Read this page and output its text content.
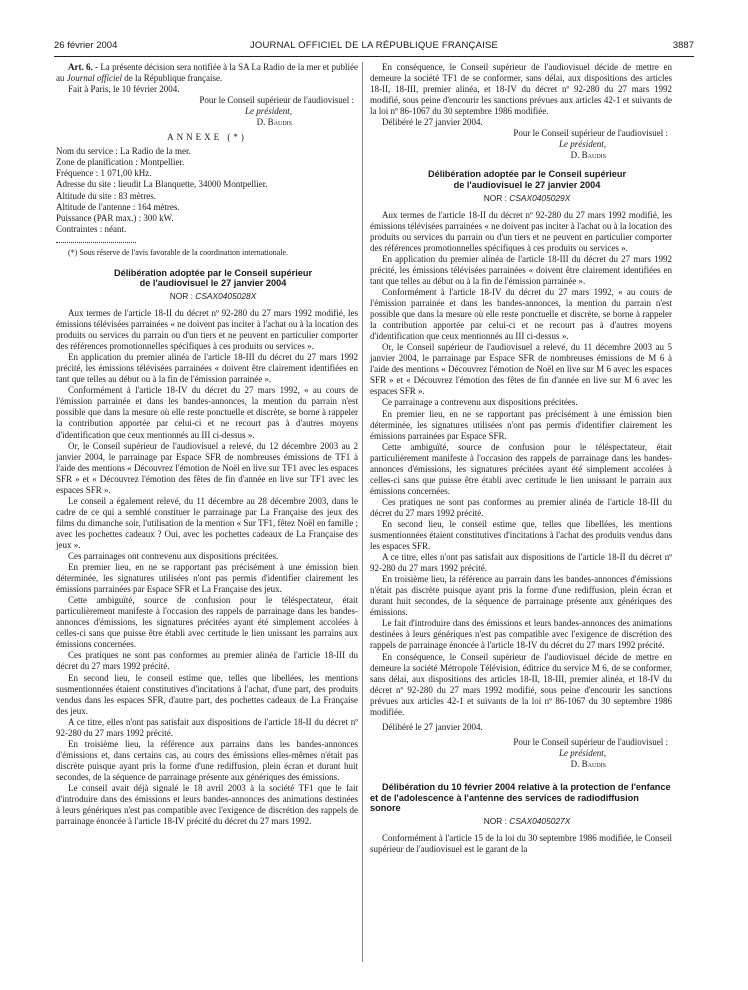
26 février 2004	JOURNAL OFFICIEL DE LA RÉPUBLIQUE FRANÇAISE	3887

Art. 6. - La présente décision sera notifiée à la SA La Radio de la mer et publiée au Journal officiel de la République française.

Fait à Paris, le 10 février 2004.

Pour le Conseil supérieur de l'audiovisuel :

Le président,

D. Baudis

ANNEXE (*)

Nom du service : La Radio de la mer.

Zone de planification : Montpellier.

Fréquence : 1 071,00 kHz.

Adresse du site : lieudit La Blanquette, 34000 Montpellier.

Altitude du site : 83 mètres.

Altitude de l'antenne : 164 mètres.

Puissance (PAR max.) : 300 kW.

Contraintes : néant.

(*) Sous réserve de l'avis favorable de la coordination internationale.

Délibération adoptée par le Conseil supérieur

de l'audiovisuel le 27 janvier 2004

NOR : CSAX0405028X

Aux termes de l'article 18-II du décret nº 92-280 du 27 mars 1992 modifié, les émissions télévisées parrainées « ne doivent pas inciter à l'achat ou à la location des produits ou services du parrain ou d'un tiers et ne peuvent en particulier comporter des références promotionnelles spécifiques à ces produits ou services ».

En application du premier alinéa de l'article 18-III du décret du 27 mars 1992 précité, les émissions télévisées parrainées « doivent être clairement identifiées en tant que telles au début ou à la fin de l'émission parrainée ».

Conformément à l'article 18-IV du décret du 27 mars 1992, « au cours de l'émission parrainée et dans les bandes-annonces, la mention du parrain n'est possible que dans la mesure où elle reste ponctuelle et discrète, se borne à rappeler la contribution apportée par celui-ci et ne recourt pas à d'autres moyens d'identification que ceux mentionnés au III ci-dessus ».

Or, le Conseil supérieur de l'audiovisuel a relevé, du 12 décembre 2003 au 2 janvier 2004, le parrainage par Espace SFR de nombreuses émissions de TF1 à l'aide des mentions « Découvrez l'émotion de Noël en live sur TF1 avec les espaces SFR » et « Découvrez l'émotion des fêtes de fin d'année en live sur TF1 avec les espaces SFR ».

Le conseil a également relevé, du 11 décembre au 28 décembre 2003, dans le cadre de ce qui a semblé constituer le parrainage par La Française des jeux des films du dimanche soir, l'utilisation de la mention « Sur TF1, fêtez Noël en famille ; avec les pochettes cadeaux ? Oui, avec les pochettes cadeaux de La Française des jeux ».

Ces parrainages ont contrevenu aux dispositions précitées.

En premier lieu, en ne se rapportant pas précisément à une émission bien déterminée, les signatures utilisées n'ont pas permis d'identifier clairement les émissions parrainées par Espace SFR et La Française des jeux.

Cette ambiguïté, source de confusion pour le téléspectateur, était particulièrement manifeste à l'occasion des rappels de parrainage dans les bandes-annonces d'émissions, les signatures précitées ayant été simplement accolées à celles-ci sans que puisse être établi avec certitude le lien unissant les parrains aux émissions concernées.

Ces pratiques ne sont pas conformes au premier alinéa de l'article 18-III du décret du 27 mars 1992 précité.

En second lieu, le conseil estime que, telles que libellées, les mentions susmentionnées étaient constitutives d'incitations à l'achat, d'une part, des produits vendus dans les espaces SFR, d'autre part, des pochettes cadeaux de La Française des jeux.

A ce titre, elles n'ont pas satisfait aux dispositions de l'article 18-II du décret nº 92-280 du 27 mars 1992 précité.

En troisième lieu, la référence aux parrains dans les bandes-annonces d'émissions et, dans certains cas, au cours des émissions elles-mêmes n'était pas discrète puisque ayant pris la forme d'une rediffusion, plein écran et durant huit secondes, de la séquence de parrainage présente aux génériques des émissions.

Le conseil avait déjà signalé le 18 avril 2003 à la société TF1 que le fait d'introduire dans des émissions et leurs bandes-annonces des animations destinées à leurs génériques n'est pas compatible avec l'exigence de discrétion des rappels de parrainage énoncée à l'article 18-IV précité du décret du 27 mars 1992.

En conséquence, le Conseil supérieur de l'audiovisuel décide de mettre en demeure la société TF1 de se conformer, sans délai, aux dispositions des articles 18-II, 18-III, premier alinéa, et 18-IV du décret nº 92-280 du 27 mars 1992 modifié, sous peine d'encourir les sanctions prévues aux articles 42-1 et suivants de la loi nº 86-1067 du 30 septembre 1986 modifiée.

Délibéré le 27 janvier 2004.

Pour le Conseil supérieur de l'audiovisuel :

Le président,

D. Baudis

Délibération adoptée par le Conseil supérieur

de l'audiovisuel le 27 janvier 2004

NOR : CSAX0405029X

Aux termes de l'article 18-II du décret nº 92-280 du 27 mars 1992 modifié, les émissions télévisées parrainées « ne doivent pas inciter à l'achat ou à la location des produits ou services du parrain ou d'un tiers et ne peuvent en particulier comporter des références promotionnelles spécifiques à ces produits ou services ».

En application du premier alinéa de l'article 18-III du décret du 27 mars 1992 précité, les émissions télévisées parrainées « doivent être clairement identifiées en tant que telles au début ou à la fin de l'émission parrainée ».

Conformément à l'article 18-IV du décret du 27 mars 1992, « au cours de l'émission parrainée et dans les bandes-annonces, la mention du parrain n'est possible que dans la mesure où elle reste ponctuelle et discrète, se borne à rappeler la contribution apportée par celui-ci et ne recourt pas à d'autres moyens d'identification que ceux mentionnés au III ci-dessus ».

Or, le Conseil supérieur de l'audiovisuel a relevé, du 11 décembre 2003 au 5 janvier 2004, le parrainage par Espace SFR de nombreuses émissions de M 6 à l'aide des mentions « Découvrez l'émotion de Noël en live sur M 6 avec les espaces SFR » et « Découvrez l'émotion des fêtes de fin d'année en live sur M 6 avec les espaces SFR ».

Ce parrainage a contrevenu aux dispositions précitées.

En premier lieu, en ne se rapportant pas précisément à une émission bien déterminée, les signatures utilisées n'ont pas permis d'identifier clairement les émissions parrainées par Espace SFR.

Cette ambiguïté, source de confusion pour le téléspectateur, était particulièrement manifeste à l'occasion des rappels de parrainage dans les bandes-annonces d'émissions, les signatures précitées ayant été simplement accolées à celles-ci sans que puisse être établi avec certitude le lien unissant le parrain aux émissions concernées.

Ces pratiques ne sont pas conformes au premier alinéa de l'article 18-III du décret du 27 mars 1992 précité.

En second lieu, le conseil estime que, telles que libellées, les mentions susmentionnées étaient constitutives d'incitations à l'achat des produits vendus dans les espaces SFR.

A ce titre, elles n'ont pas satisfait aux dispositions de l'article 18-II du décret nº 92-280 du 27 mars 1992 précité.

En troisième lieu, la référence au parrain dans les bandes-annonces d'émissions n'était pas discrète puisque ayant pris la forme d'une rediffusion, plein écran et durant huit secondes, de la séquence de parrainage présente aux génériques des émissions.

Le fait d'introduire dans des émissions et leurs bandes-annonces des animations destinées à leurs génériques n'est pas compatible avec l'exigence de discrétion des rappels de parrainage énoncée à l'article 18-IV du décret du 27 mars 1992 précité.

En conséquence, le Conseil supérieur de l'audiovisuel décide de mettre en demeure la société Métropole Télévision, éditrice du service M 6, de se conformer, sans délai, aux dispositions des articles 18-II, 18-III, premier alinéa, et 18-IV du décret nº 92-280 du 27 mars 1992 modifié, sous peine d'encourir les sanctions prévues aux articles 42-1 et suivants de la loi nº 86-1067 du 30 septembre 1986 modifiée.

Délibéré le 27 janvier 2004.

Pour le Conseil supérieur de l'audiovisuel :

Le président,

D. Baudis

Délibération du 10 février 2004 relative à la protection de l'enfance et de l'adolescence à l'antenne des services de radiodiffusion sonore

NOR : CSAX0405027X

Conformément à l'article 15 de la loi du 30 septembre 1986 modifiée, le Conseil supérieur de l'audiovisuel est le garant de la
